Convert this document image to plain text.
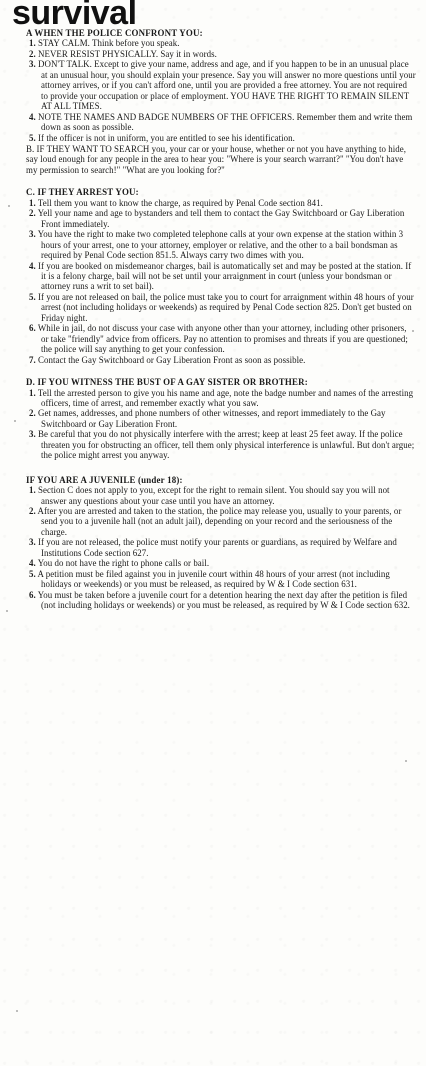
survival

A WHEN THE POLICE CONFRONT YOU:

1. STAY CALM. Think before you speak.

2. NEVER RESIST PHYSICALLY. Say it in words.

3. DON'T TALK. Except to give your name, address and age, and if you happen to be in an unusual place at an unusual hour, you should explain your presence. Say you will answer no more questions until your attorney arrives, or if you can't afford one, until you are provided a free attorney. You are not required to provide your occupation or place of employment. YOU HAVE THE RIGHT TO REMAIN SILENT AT ALL TIMES.

4. NOTE THE NAMES AND BADGE NUMBERS OF THE OFFICERS. Remember them and write them down as soon as possible.

5. If the officer is not in uniform, you are entitled to see his identification.

B. IF THEY WANT TO SEARCH you, your car or your house, whether or not you have anything to hide, say loud enough for any people in the area to hear you: "Where is your search warrant?" "You don't have my permission to search!" "What are you looking for?"

C. IF THEY ARREST YOU:

1. Tell them you want to know the charge, as required by Penal Code section 841.

2. Yell your name and age to bystanders and tell them to contact the Gay Switchboard or Gay Liberation Front immediately.

3. You have the right to make two completed telephone calls at your own expense at the station within 3 hours of your arrest, one to your attorney, employer or relative, and the other to a bail bondsman as required by Penal Code section 851.5. Always carry two dimes with you.

4. If you are booked on misdemeanor charges, bail is automatically set and may be posted at the station. If it is a felony charge, bail will not be set until your arraignment in court (unless your bondsman or attorney runs a writ to set bail).

5. If you are not released on bail, the police must take you to court for arraignment within 48 hours of your arrest (not including holidays or weekends) as required by Penal Code section 825. Don't get busted on Friday night.

6. While in jail, do not discuss your case with anyone other than your attorney, including other prisoners, or take "friendly" advice from officers. Pay no attention to promises and threats if you are questioned; the police will say anything to get your confession.

7. Contact the Gay Switchboard or Gay Liberation Front as soon as possible.

D. IF YOU WITNESS THE BUST OF A GAY SISTER OR BROTHER:

1. Tell the arrested person to give you his name and age, note the badge number and names of the arresting officers, time of arrest, and remember exactly what you saw.

2. Get names, addresses, and phone numbers of other witnesses, and report immediately to the Gay Switchboard or Gay Liberation Front.

3. Be careful that you do not physically interfere with the arrest; keep at least 25 feet away. If the police threaten you for obstructing an officer, tell them only physical interference is unlawful. But don't argue; the police might arrest you anyway.

IF YOU ARE A JUVENILE (under 18):

1. Section C does not apply to you, except for the right to remain silent. You should say you will not answer any questions about your case until you have an attorney.

2. After you are arrested and taken to the station, the police may release you, usually to your parents, or send you to a juvenile hall (not an adult jail), depending on your record and the seriousness of the charge.

3. If you are not released, the police must notify your parents or guardians, as required by Welfare and Institutions Code section 627.

4. You do not have the right to phone calls or bail.

5. A petition must be filed against you in juvenile court within 48 hours of your arrest (not including holidays or weekends) or you must be released, as required by W & I Code section 631.

6. You must be taken before a juvenile court for a detention hearing the next day after the petition is filed (not including holidays or weekends) or you must be released, as required by W & I Code section 632.
